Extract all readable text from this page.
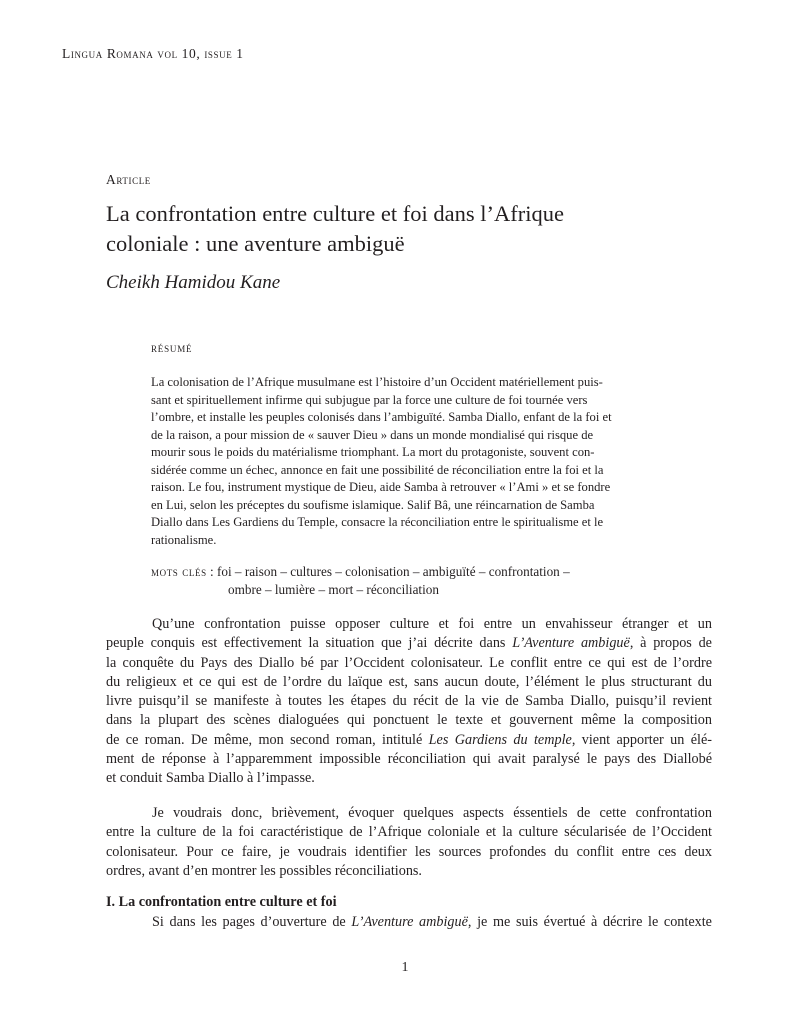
Lingua Romana vol 10, issue 1
Article
La confrontation entre culture et foi dans l’Afrique
coloniale : une aventure ambiguë
Cheikh Hamidou Kane
résumé
La colonisation de l’Afrique musulmane est l’histoire d’un Occident matériellement puis-
sant et spirituellement infirme qui subjugue par la force une culture de foi tournée vers
l’ombre, et installe les peuples colonisés dans l’ambiguïté. Samba Diallo, enfant de la foi et
de la raison, a pour mission de « sauver Dieu » dans un monde mondialisé qui risque de
mourir sous le poids du matérialisme triomphant. La mort du protagoniste, souvent con-
sidérée comme un échec, annonce en fait une possibilité de réconciliation entre la foi et la
raison. Le fou, instrument mystique de Dieu, aide Samba à retrouver « l’Ami » et se fondre
en Lui, selon les préceptes du soufisme islamique. Salif Bâ, une réincarnation de Samba
Diallo dans Les Gardiens du Temple, consacre la réconciliation entre le spiritualisme et le
rationalisme.
mots clés : foi – raison – cultures – colonisation – ambiguïté – confrontation –
ombre – lumière – mort – réconciliation
Qu’une confrontation puisse opposer culture et foi entre un envahisseur étranger et un
peuple conquis est effectivement la situation que j’ai décrite dans L’Aventure ambiguë, à propos de
la conquête du Pays des Diallo bé par l’Occident colonisateur. Le conflit entre ce qui est de l’ordre
du religieux et ce qui est de l’ordre du laïque est, sans aucun doute, l’élément le plus structurant du
livre puisqu’il se manifeste à toutes les étapes du récit de la vie de Samba Diallo, puisqu’il revient
dans la plupart des scènes dialoguées qui ponctuent le texte et gouvernent même la composition
de ce roman. De même, mon second roman, intitulé Les Gardiens du temple, vient apporter un élé-
ment de réponse à l’apparemment impossible réconciliation qui avait paralysé le pays des Diallobé
et conduit Samba Diallo à l’impasse.
Je voudrais donc, brièvement, évoquer quelques aspects éssentiels de cette confrontation
entre la culture de la foi caractéristique de l’Afrique coloniale et la culture sécularisée de l’Occident
colonisateur. Pour ce faire, je voudrais identifier les sources profondes du conflit entre ces deux
ordres, avant d’en montrer les possibles réconciliations.
I. La confrontation entre culture et foi
Si dans les pages d’ouverture de L’Aventure ambiguë, je me suis évertué à décrire le contexte
1
